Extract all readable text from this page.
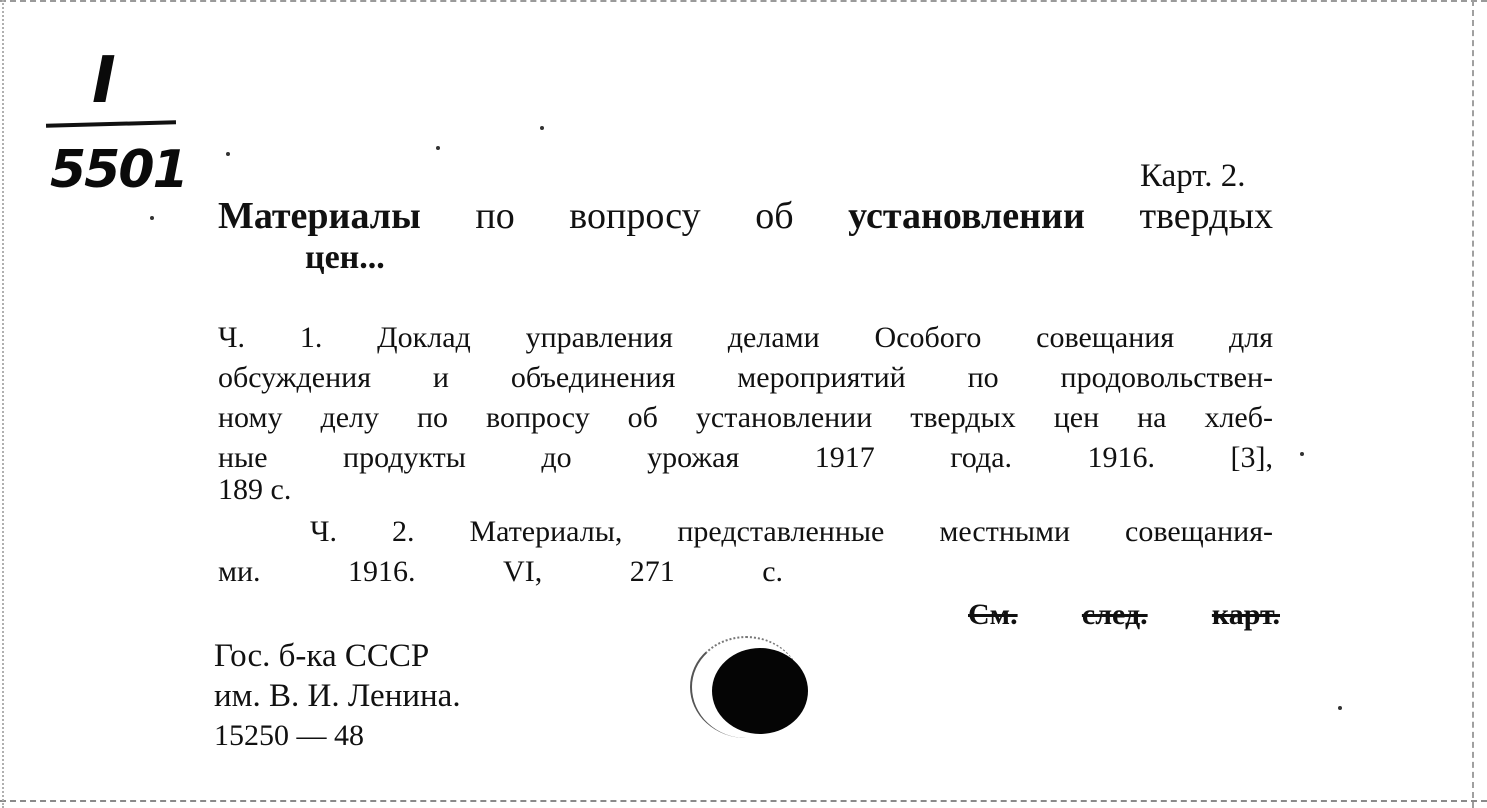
I
5501	Карт. 2.
Материалы по вопросу об установлении твердых
цен...
Ч. 1. Доклад управления делами Особого совещания для
обсуждения и объединения мероприятий по продовольствен-
ному делу по вопросу об установлении твердых цен на хлеб-
ные продукты до урожая 1917 года. 1916. [3],
189 с.
Ч. 2. Материалы, представленные местными совещания-
ми. 1916. VI, 271 с.
См. след. карт.
Гос. б-ка СССР
им. В. И. Ленина.
15250 — 48
